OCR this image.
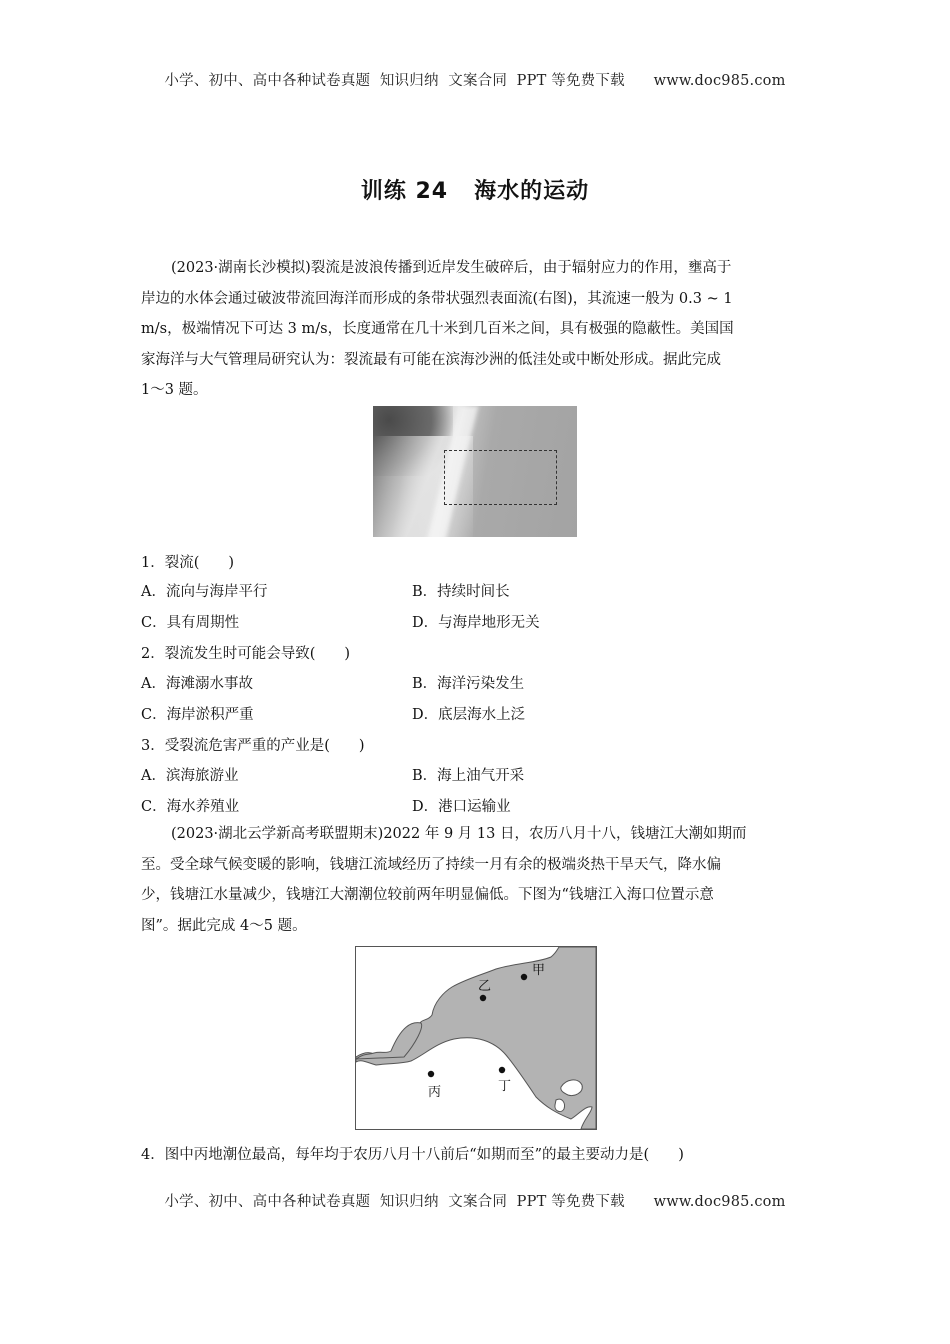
小学、初中、高中各种试卷真题  知识归纳  文案合同  PPT 等免费下载      www.doc985.com
训练 24 海水的运动
(2023·湖南长沙模拟)裂流是波浪传播到近岸发生破碎后，由于辐射应力的作用，壅高于
岸边的水体会通过破波带流回海洋而形成的条带状强烈表面流(右图)，其流速一般为 0.3 ~ 1
m/s，极端情况下可达 3 m/s，长度通常在几十米到几百米之间，具有极强的隐蔽性。美国国
家海洋与大气管理局研究认为：裂流最有可能在滨海沙洲的低洼处或中断处形成。据此完成
1～3 题。
1．裂流(　　)
A．流向与海岸平行	B．持续时间长
C．具有周期性	D．与海岸地形无关
2．裂流发生时可能会导致(　　)
A．海滩溺水事故	B．海洋污染发生
C．海岸淤积严重	D．底层海水上泛
3．受裂流危害严重的产业是(　　)
A．滨海旅游业	B．海上油气开采
C．海水养殖业	D．港口运输业
(2023·湖北云学新高考联盟期末)2022 年 9 月 13 日，农历八月十八，钱塘江大潮如期而
至。受全球气候变暖的影响，钱塘江流域经历了持续一月有余的极端炎热干旱天气，降水偏
少，钱塘江水量减少，钱塘江大潮潮位较前两年明显偏低。下图为“钱塘江入海口位置示意
图”。据此完成 4～5 题。
甲
乙
丙	丁
4．图中丙地潮位最高，每年均于农历八月十八前后“如期而至”的最主要动力是(　　)
小学、初中、高中各种试卷真题  知识归纳  文案合同  PPT 等免费下载      www.doc985.com
